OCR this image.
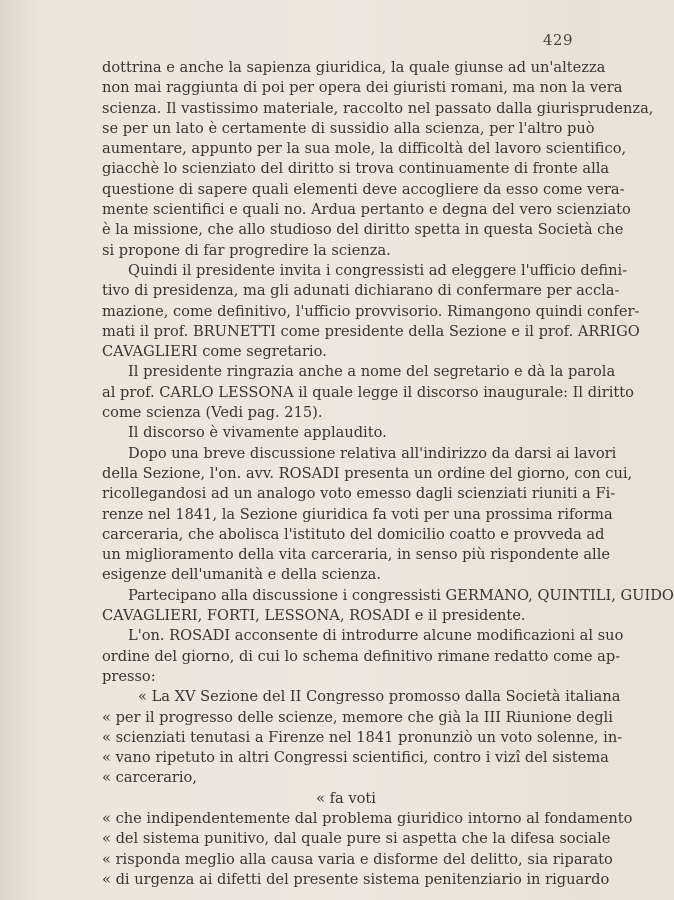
429
dottrina e anche la sapienza giuridica, la quale giunse ad un'altezza
non mai raggiunta di poi per opera dei giuristi romani, ma non la vera
scienza. Il vastissimo materiale, raccolto nel passato dalla giurisprudenza,
se per un lato è certamente di sussidio alla scienza, per l'altro può
aumentare, appunto per la sua mole, la difficoltà del lavoro scientifico,
giacchè lo scienziato del diritto si trova continuamente di fronte alla
questione di sapere quali elementi deve accogliere da esso come vera-
mente scientifici e quali no. Ardua pertanto e degna del vero scienziato
è la missione, che allo studioso del diritto spetta in questa Società che
si propone di far progredire la scienza.
Quindi il presidente invita i congressisti ad eleggere l'ufficio defini-
tivo di presidenza, ma gli adunati dichiarano di confermare per accla-
mazione, come definitivo, l'ufficio provvisorio. Rimangono quindi confer-
mati il prof. BRUNETTI come presidente della Sezione e il prof. ARRIGO
CAVAGLIERI come segretario.
Il presidente ringrazia anche a nome del segretario e dà la parola
al prof. CARLO LESSONA il quale legge il discorso inaugurale: Il diritto
come scienza (Vedi pag. 215).
Il discorso è vivamente applaudito.
Dopo una breve discussione relativa all'indirizzo da darsi ai lavori
della Sezione, l'on. avv. ROSADI presenta un ordine del giorno, con cui,
ricollegandosi ad un analogo voto emesso dagli scienziati riuniti a Fi-
renze nel 1841, la Sezione giuridica fa voti per una prossima riforma
carceraria, che abolisca l'istituto del domicilio coatto e provveda ad
un miglioramento della vita carceraria, in senso più rispondente alle
esigenze dell'umanità e della scienza.
Partecipano alla discussione i congressisti GERMANO, QUINTILI, GUIDO
CAVAGLIERI, FORTI, LESSONA, ROSADI e il presidente.
L'on. ROSADI acconsente di introdurre alcune modificazioni al suo
ordine del giorno, di cui lo schema definitivo rimane redatto come ap-
presso:
« La XV Sezione del II Congresso promosso dalla Società italiana
« per il progresso delle scienze, memore che già la III Riunione degli
« scienziati tenutasi a Firenze nel 1841 pronunziò un voto solenne, in-
« vano ripetuto in altri Congressi scientifici, contro i vizî del sistema
« carcerario,
« fa voti
« che indipendentemente dal problema giuridico intorno al fondamento
« del sistema punitivo, dal quale pure si aspetta che la difesa sociale
« risponda meglio alla causa varia e disforme del delitto, sia riparato
« di urgenza ai difetti del presente sistema penitenziario in riguardo
